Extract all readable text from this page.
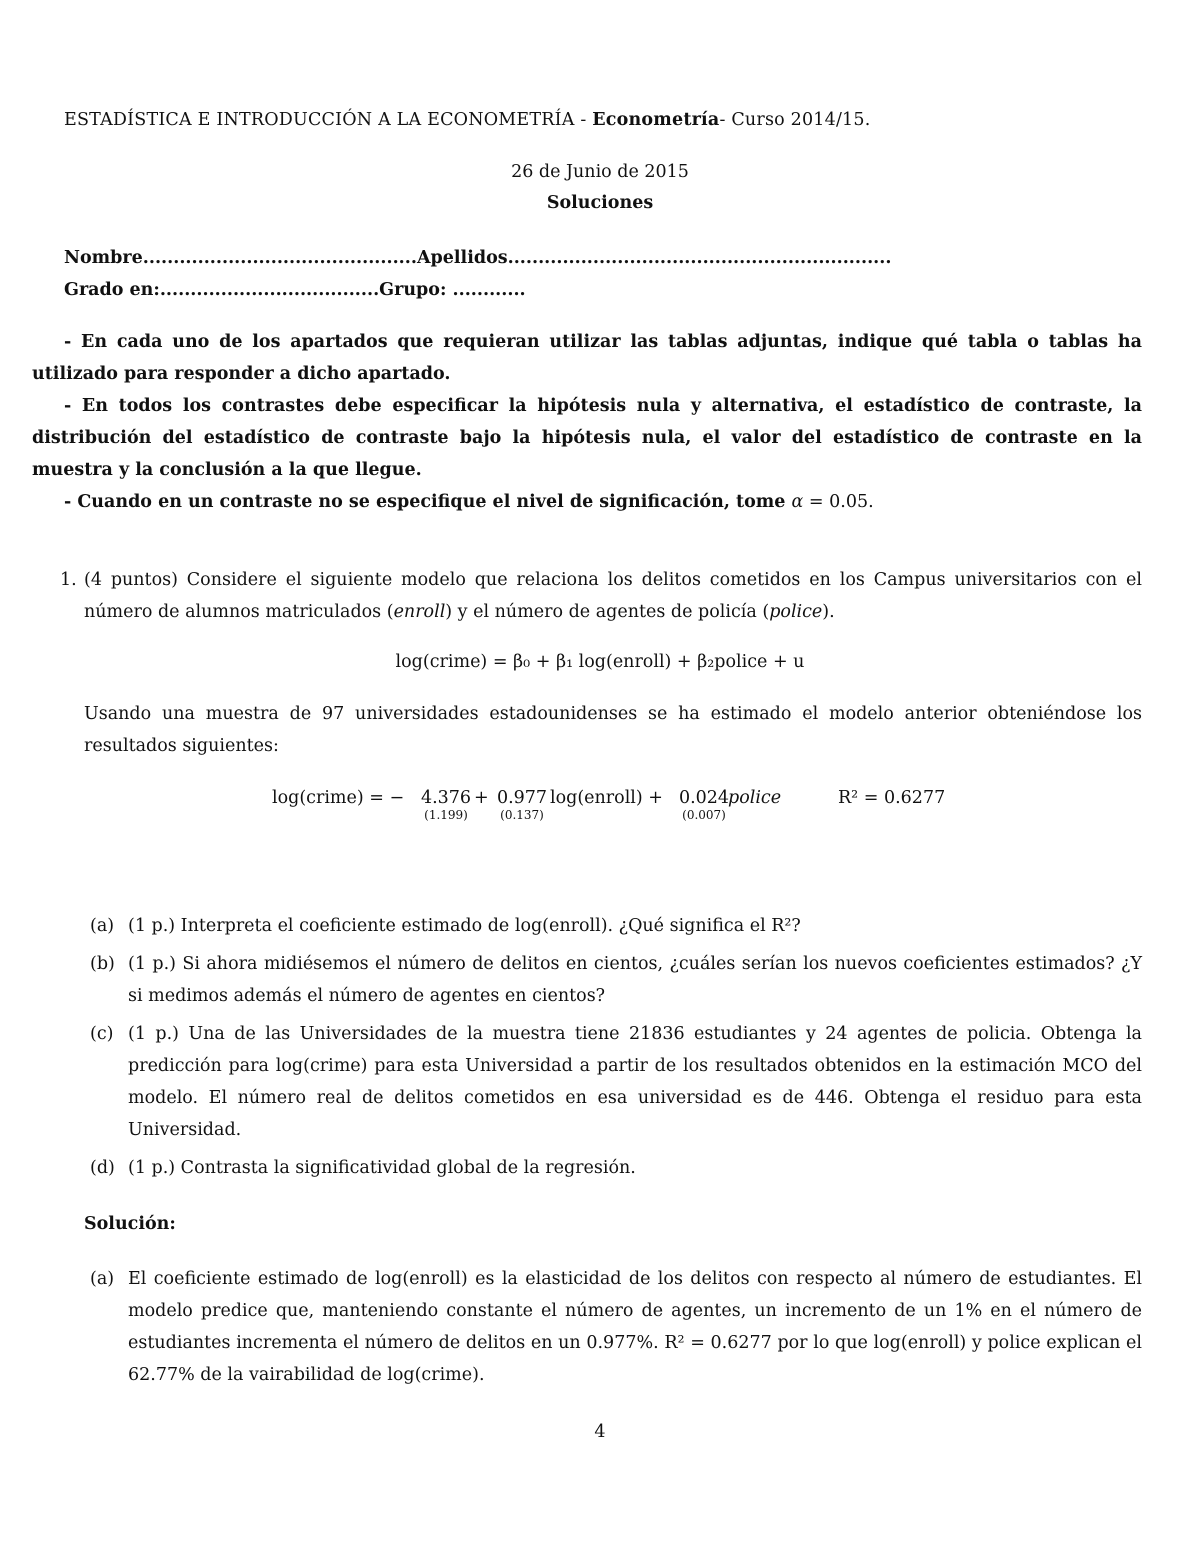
ESTADÍSTICA E INTRODUCCIÓN A LA ECONOMETRÍA - Econometría- Curso 2014/15.
26 de Junio de 2015
Soluciones
Nombre.............................................Apellidos...............................................................
Grado en:....................................Grupo: ............

- En cada uno de los apartados que requieran utilizar las tablas adjuntas, indique qué tabla o tablas ha utilizado para responder a dicho apartado.

- En todos los contrastes debe especificar la hipótesis nula y alternativa, el estadístico de contraste, la distribución del estadístico de contraste bajo la hipótesis nula, el valor del estadístico de contraste en la muestra y la conclusión a la que llegue.

- Cuando en un contraste no se especifique el nivel de significación, tome α = 0.05.

1. (4 puntos) Considere el siguiente modelo que relaciona los delitos cometidos en los Campus universitarios con el número de alumnos matriculados (enroll) y el número de agentes de policía (police).
log(crime) = β₀ + β₁ log(enroll) + β₂police + u
Usando una muestra de 97 universidades estadounidenses se ha estimado el modelo anterior obteniéndose los resultados siguientes:
log(crime) = − 4.376
(1.199)
+ 0.977
(0.137)
log(enroll) + 0.024
(0.007)
police	R² = 0.6277
(a) (1 p.) Interpreta el coeficiente estimado de log(enroll). ¿Qué significa el R²?
(b) (1 p.) Si ahora midiésemos el número de delitos en cientos, ¿cuáles serían los nuevos coeficientes estimados? ¿Y si medimos además el número de agentes en cientos?
(c) (1 p.) Una de las Universidades de la muestra tiene 21836 estudiantes y 24 agentes de policia. Obtenga la predicción para log(crime) para esta Universidad a partir de los resultados obtenidos en la estimación MCO del modelo. El número real de delitos cometidos en esa universidad es de 446. Obtenga el residuo para esta Universidad.
(d) (1 p.) Contrasta la significatividad global de la regresión.
Solución:
(a) El coeficiente estimado de log(enroll) es la elasticidad de los delitos con respecto al número de estudiantes. El modelo predice que, manteniendo constante el número de agentes, un incremento de un 1% en el número de estudiantes incrementa el número de delitos en un 0.977%. R² = 0.6277 por lo que log(enroll) y police explican el 62.77% de la vairabilidad de log(crime).
4
